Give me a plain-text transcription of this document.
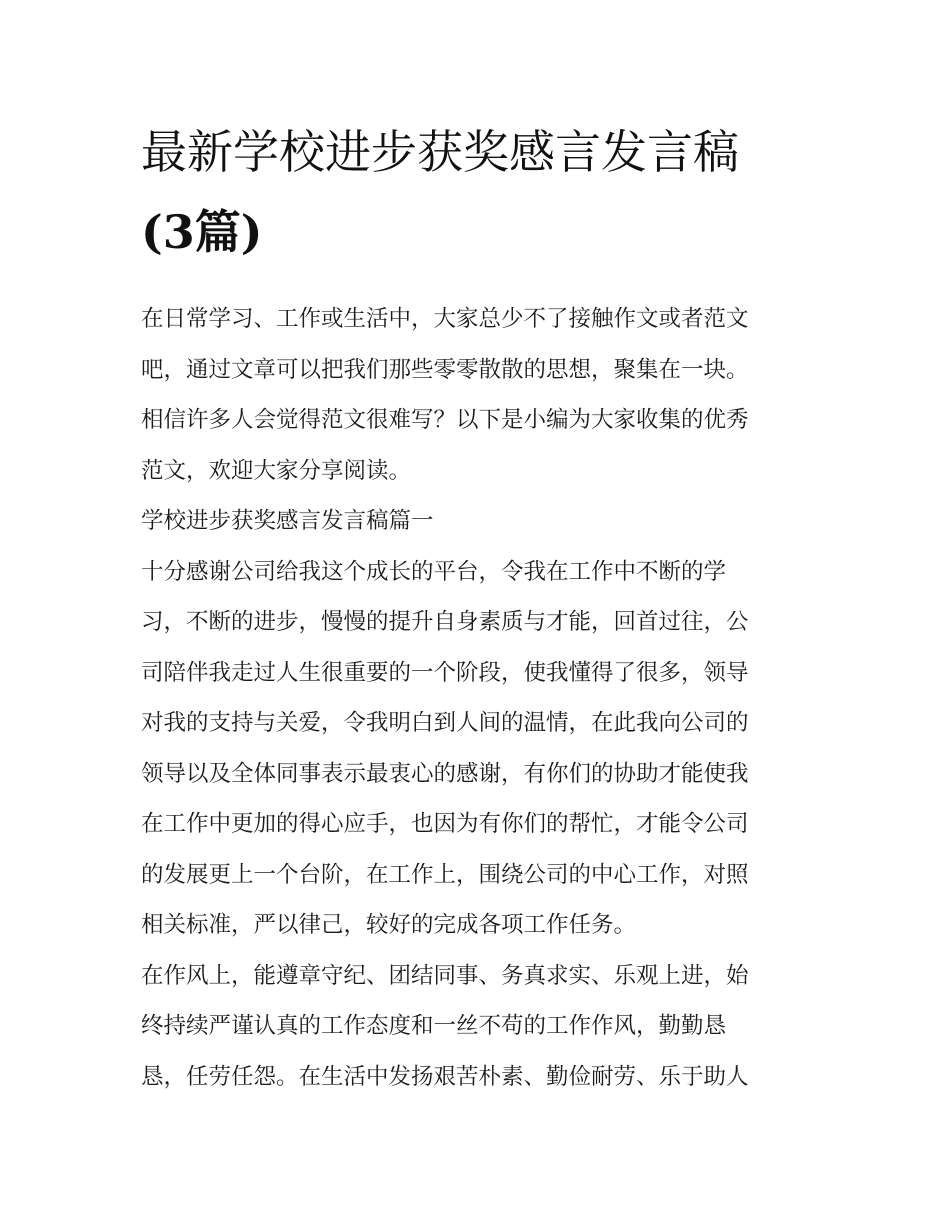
最新学校进步获奖感言发言稿
(3篇)

在日常学习、工作或生活中，大家总少不了接触作文或者范文
吧，通过文章可以把我们那些零零散散的思想，聚集在一块。
相信许多人会觉得范文很难写？以下是小编为大家收集的优秀
范文，欢迎大家分享阅读。

学校进步获奖感言发言稿篇一

十分感谢公司给我这个成长的平台，令我在工作中不断的学
习，不断的进步，慢慢的提升自身素质与才能，回首过往，公
司陪伴我走过人生很重要的一个阶段，使我懂得了很多，领导
对我的支持与关爱，令我明白到人间的温情，在此我向公司的
领导以及全体同事表示最衷心的感谢，有你们的协助才能使我
在工作中更加的得心应手，也因为有你们的帮忙，才能令公司
的发展更上一个台阶，在工作上，围绕公司的中心工作，对照
相关标准，严以律己，较好的完成各项工作任务。

在作风上，能遵章守纪、团结同事、务真求实、乐观上进，始
终持续严谨认真的工作态度和一丝不苟的工作作风，勤勤恳
恳，任劳任怨。在生活中发扬艰苦朴素、勤俭耐劳、乐于助人
